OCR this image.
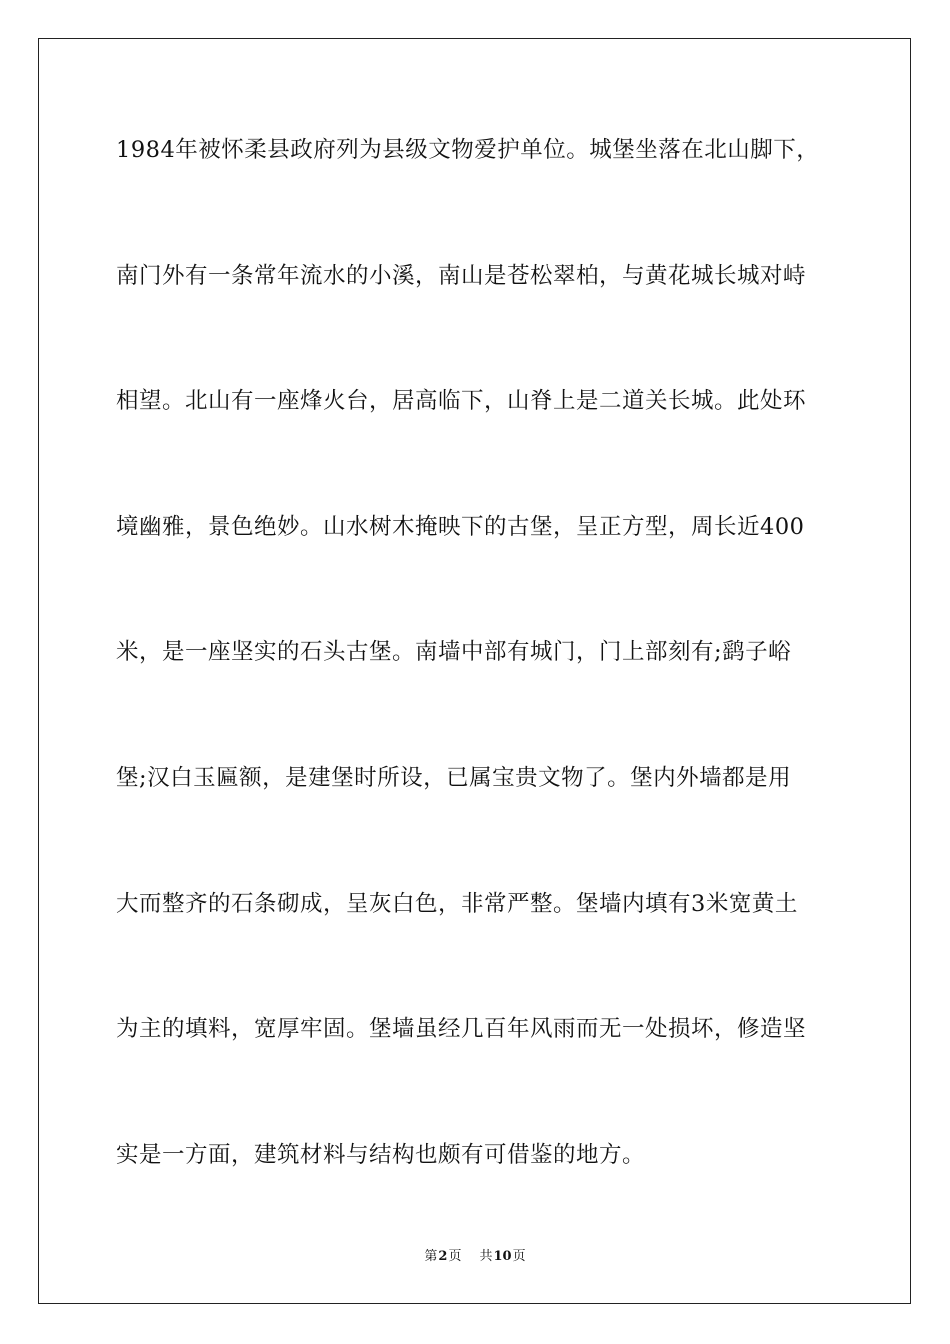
1984年被怀柔县政府列为县级文物爱护单位。城堡坐落在北山脚下，
南门外有一条常年流水的小溪，南山是苍松翠柏，与黄花城长城对峙
相望。北山有一座烽火台，居高临下，山脊上是二道关长城。此处环
境幽雅，景色绝妙。山水树木掩映下的古堡，呈正方型，周长近400
米，是一座坚实的石头古堡。南墙中部有城门，门上部刻有;鹞子峪
堡;汉白玉匾额，是建堡时所设，已属宝贵文物了。堡内外墙都是用
大而整齐的石条砌成，呈灰白色，非常严整。堡墙内填有3米宽黄土
为主的填料，宽厚牢固。堡墙虽经几百年风雨而无一处损坏，修造坚
实是一方面，建筑材料与结构也颇有可借鉴的地方。
第2页 共10页
